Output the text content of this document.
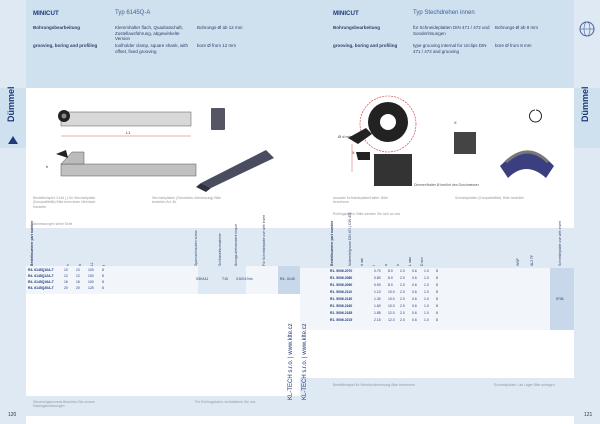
Dümmel
MINICUT
Bohrungsbearbeitung
grooving, boring and profiling
Typ 6145Q-A
Klemmhalter flach, Quadratschaft, Zustellausführung, abgewinkelte Version
toolholder clamp, square shank, with offset, fixed grooving
Bohrungs-Ø ab 12 mm
bore Ø from 12 mm
L1
h
Bestellbeispiel: 6146 ( ) für Wechselplatte (Kompatibilität) Bitte berechnen Mehrfach Kassette
Wechselplatten (Schneiden-Abmessung) Bitte bestellen Art.-Nr.
Abmessungen siehe Seite
Bestellnummer part number	L1	Spannschrauben screw	Schlüssel/screwdriver	Anzugs-drehmoment torque	Für Schneideplatte use with insert
R4. 6145Q10A-T	10 10 100 8
R4. 6145Q12A-T	12 12 100 8
R4. 6145Q16A-T	16 16 100 8
R4. 6145Q20A-T	20 20 125 8
S3KA11	T15 3.5/3.5 Nm	R4.. 6145
Steuerungsprozess Beachten Sie unsere Kataloganweisungen
Für Rohlingsdaten, kontaktieren Sie uns
120
KL-TECH s.r.o. | www.klte.cz
Dümmel
MINICUT
Bohrungsbearbeitung
grooving, boring and profiling
Typ Stechdrehen innen
für Schneideplatten DIN 471 / 472 und Sonderlösungen
type grooving internal for circlips DIN 471 / 472 and grooving
Bohrungs-Ø ab 8 mm
bore Ø from 8 mm
Ø d min
X
Dimmer/Halter Ø berührt den Durchmesser
X
Auswahl Schneideplatte/Halter: Bitte berechnen
Schneidplatten (Kompatibilität): Bitte bestellen
Rohlingsdaten: Bitte wenden Sie sich an uns
Bestellnummer part number	Nutbreite/groove DIN 471 | DIN 472	d min	t	a	b	L max	D min	WSP	AL2 TF	Schneideplatte use with insert
R1. 5006.2070	0.70 8.0 2.0 0.6 1.0 8
R1. 5006.2080	0.80 8.0 2.0 0.6 1.0 8
R1. 5006.2090	0.90 8.0 2.0 0.6 1.0 8
R1. 5006.2110	1.10 10.0 2.0 0.6 1.0 8
R1. 5006.2130	1.30 10.0 2.0 0.6 1.0 8
R1. 5006.2160	1.60 10.0 2.0 0.6 1.0 8
R1. 5006.2185	1.85 12.0 2.0 0.6 1.0 8
R1. 5006.2215	2.15 12.0 2.0 0.6 1.0 8
5706
Bestellbeispiel für Mehrfachklemmung Bitte berechnen	Schneidplatten / ab Lager Bitte anfragen
121
KL-TECH s.r.o. | www.klte.cz
